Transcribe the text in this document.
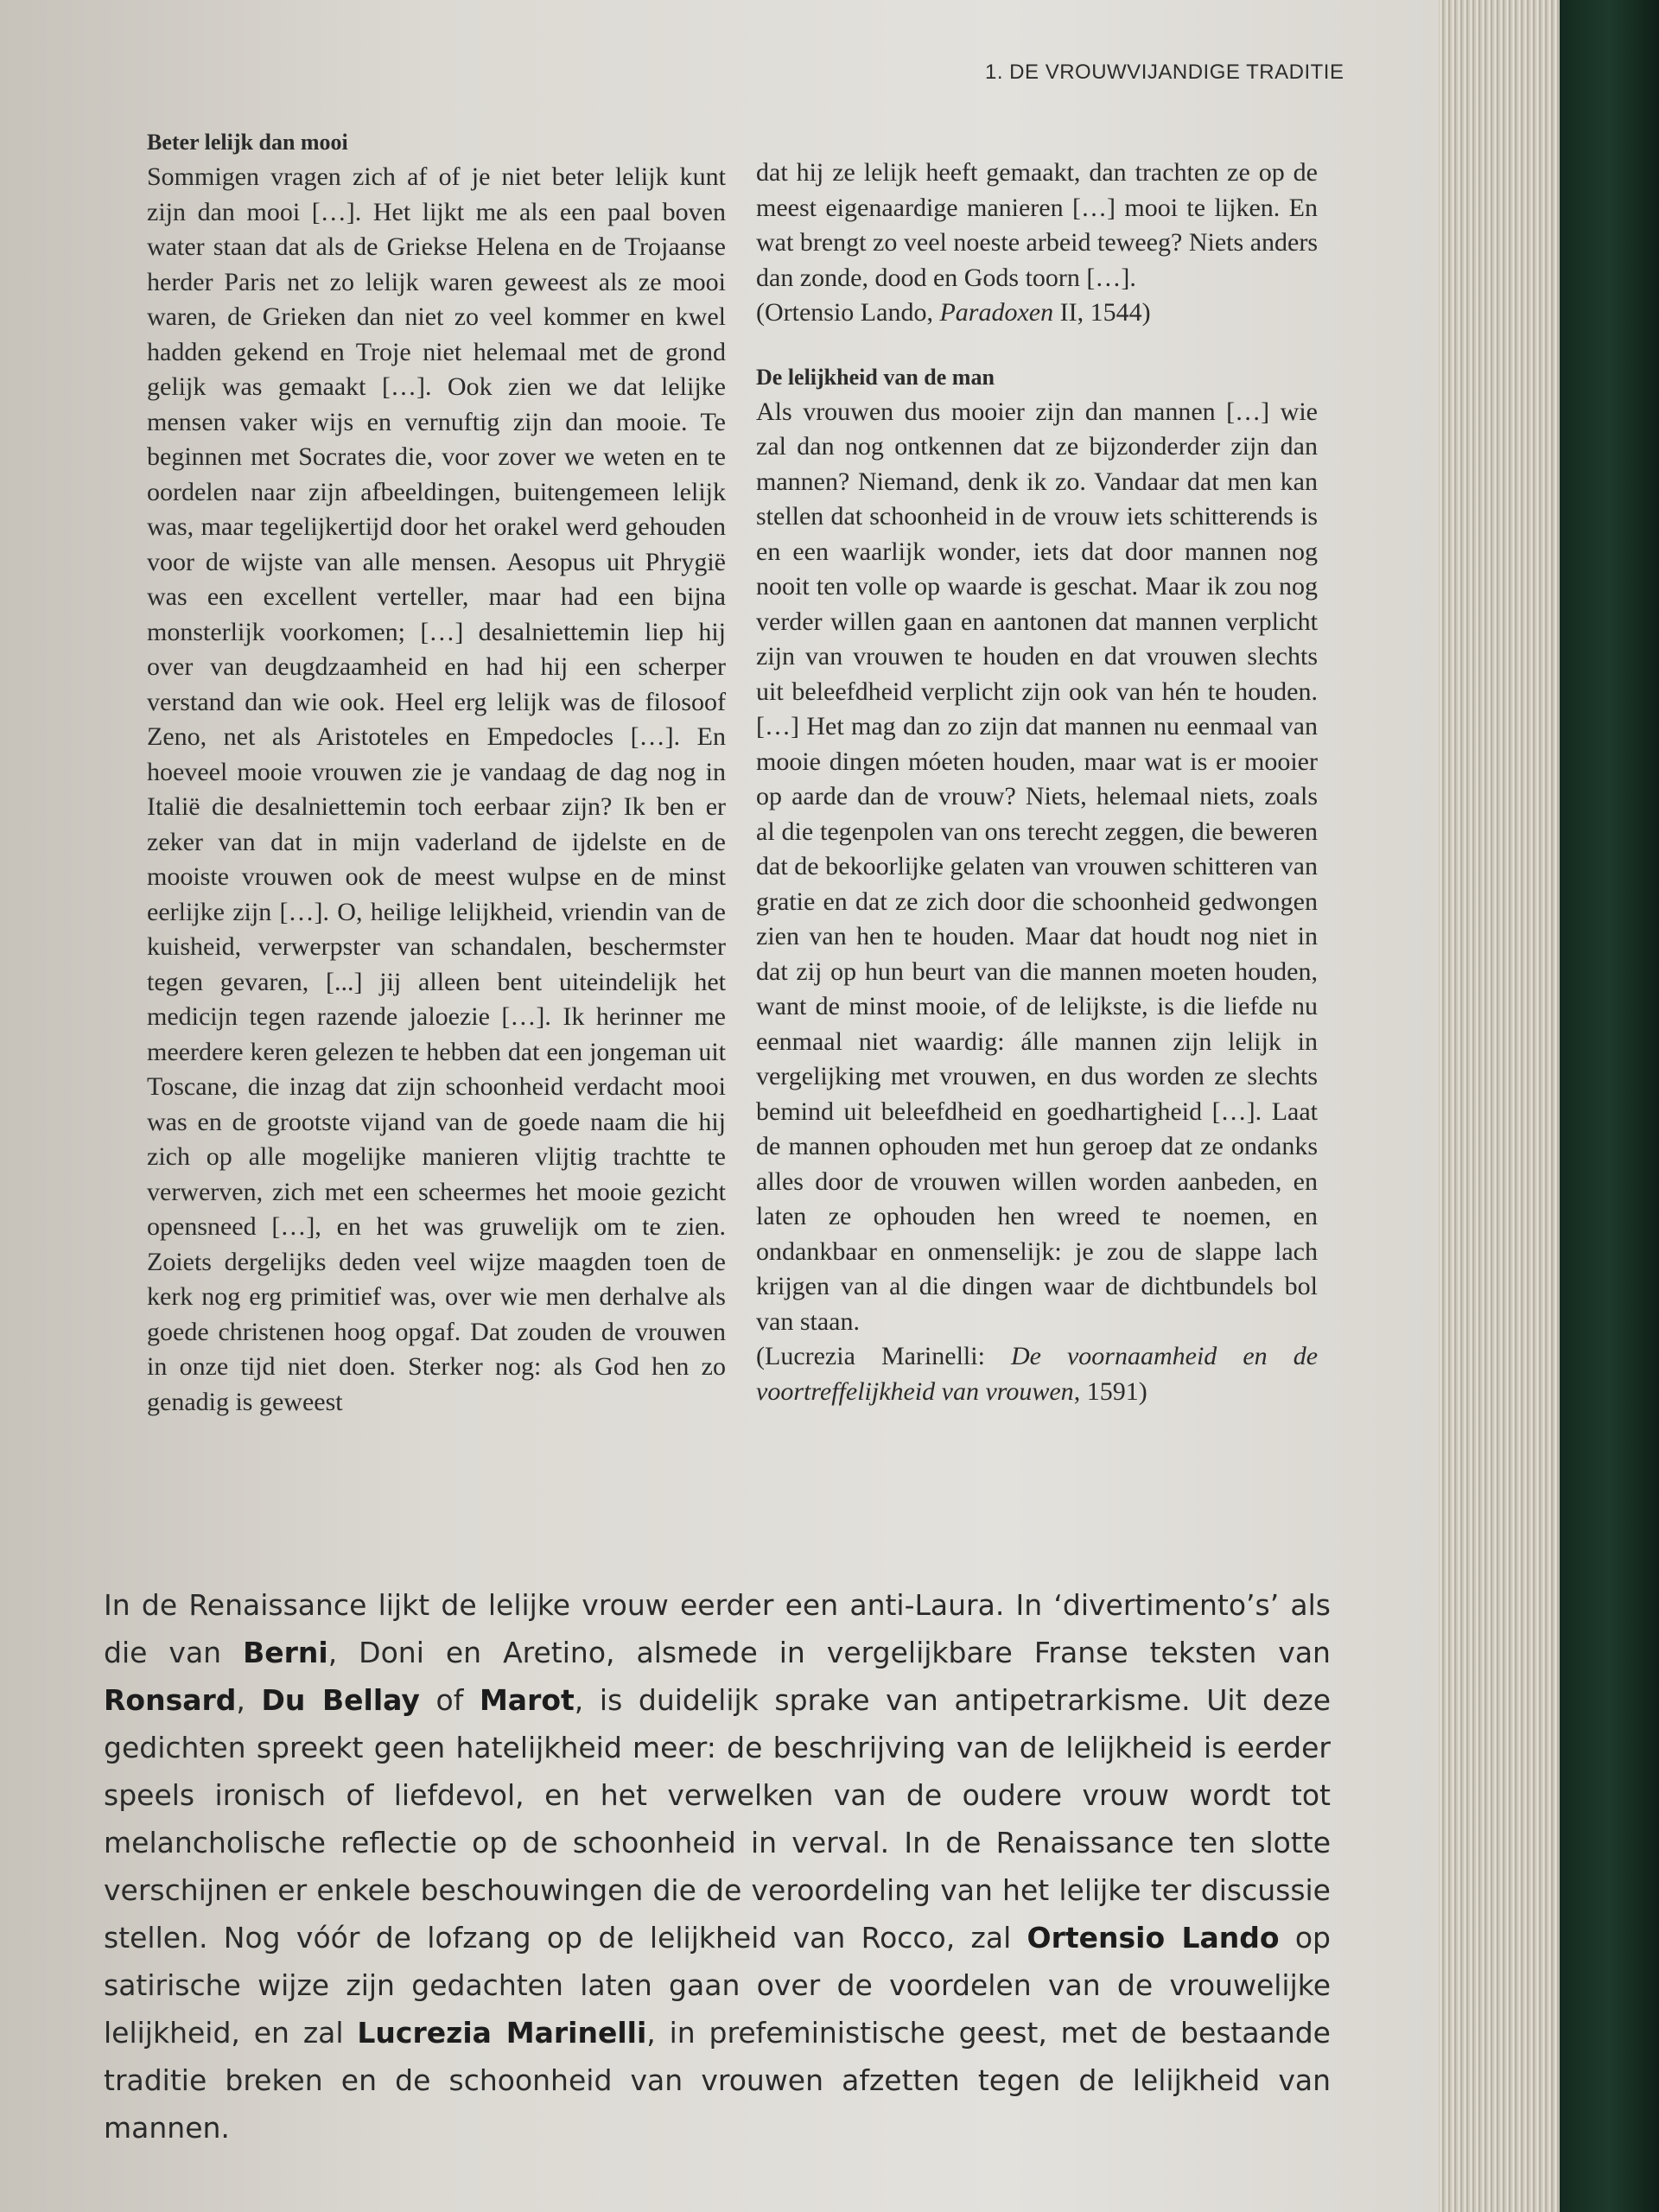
1. DE VROUWVIJANDIGE TRADITIE
Beter lelijk dan mooi

Sommigen vragen zich af of je niet beter lelijk kunt zijn dan mooi […]. Het lijkt me als een paal boven water staan dat als de Griekse Helena en de Trojaanse herder Paris net zo lelijk waren geweest als ze mooi waren, de Grieken dan niet zo veel kommer en kwel hadden gekend en Troje niet helemaal met de grond gelijk was gemaakt […]. Ook zien we dat lelijke mensen vaker wijs en vernuftig zijn dan mooie. Te beginnen met Socrates die, voor zover we weten en te oordelen naar zijn afbeeldingen, buitengemeen lelijk was, maar tegelijkertijd door het orakel werd gehouden voor de wijste van alle mensen. Aesopus uit Phrygië was een excellent verteller, maar had een bijna monsterlijk voorkomen; […] desalniettemin liep hij over van deugdzaamheid en had hij een scherper verstand dan wie ook. Heel erg lelijk was de filosoof Zeno, net als Aristoteles en Empedocles […]. En hoeveel mooie vrouwen zie je vandaag de dag nog in Italië die desalniettemin toch eerbaar zijn? Ik ben er zeker van dat in mijn vaderland de ijdelste en de mooiste vrouwen ook de meest wulpse en de minst eerlijke zijn […]. O, heilige lelijkheid, vriendin van de kuisheid, verwerpster van schandalen, beschermster tegen gevaren, [...] jij alleen bent uiteindelijk het medicijn tegen razende jaloezie […]. Ik herinner me meerdere keren gelezen te hebben dat een jongeman uit Toscane, die inzag dat zijn schoonheid verdacht mooi was en de grootste vijand van de goede naam die hij zich op alle mogelijke manieren vlijtig trachtte te verwerven, zich met een scheermes het mooie gezicht opensneed […], en het was gruwelijk om te zien. Zoiets dergelijks deden veel wijze maagden toen de kerk nog erg primitief was, over wie men derhalve als goede christenen hoog opgaf. Dat zouden de vrouwen in onze tijd niet doen. Sterker nog: als God hen zo genadig is geweest

dat hij ze lelijk heeft gemaakt, dan trachten ze op de meest eigenaardige manieren […] mooi te lijken. En wat brengt zo veel noeste arbeid teweeg? Niets anders dan zonde, dood en Gods toorn […].

(Ortensio Lando, Paradoxen II, 1544)

De lelijkheid van de man

Als vrouwen dus mooier zijn dan mannen […] wie zal dan nog ontkennen dat ze bijzonderder zijn dan mannen? Niemand, denk ik zo. Vandaar dat men kan stellen dat schoonheid in de vrouw iets schitterends is en een waarlijk wonder, iets dat door mannen nog nooit ten volle op waarde is geschat. Maar ik zou nog verder willen gaan en aantonen dat mannen verplicht zijn van vrouwen te houden en dat vrouwen slechts uit beleefdheid verplicht zijn ook van hén te houden. […] Het mag dan zo zijn dat mannen nu eenmaal van mooie dingen móeten houden, maar wat is er mooier op aarde dan de vrouw? Niets, helemaal niets, zoals al die tegenpolen van ons terecht zeggen, die beweren dat de bekoorlijke gelaten van vrouwen schitteren van gratie en dat ze zich door die schoonheid gedwongen zien van hen te houden. Maar dat houdt nog niet in dat zij op hun beurt van die mannen moeten houden, want de minst mooie, of de lelijkste, is die liefde nu eenmaal niet waardig: álle mannen zijn lelijk in vergelijking met vrouwen, en dus worden ze slechts bemind uit beleefdheid en goedhartigheid […]. Laat de mannen ophouden met hun geroep dat ze ondanks alles door de vrouwen willen worden aanbeden, en laten ze ophouden hen wreed te noemen, en ondankbaar en onmenselijk: je zou de slappe lach krijgen van al die dingen waar de dichtbundels bol van staan.

(Lucrezia Marinelli: De voornaamheid en de voortreffelijkheid van vrouwen, 1591)

In de Renaissance lijkt de lelijke vrouw eerder een anti-Laura. In ‘divertimento’s’ als die van Berni, Doni en Aretino, alsmede in vergelijkbare Franse teksten van Ronsard, Du Bellay of Marot, is duidelijk sprake van antipetrarkisme. Uit deze gedichten spreekt geen hatelijkheid meer: de beschrijving van de lelijkheid is eerder speels ironisch of liefdevol, en het verwelken van de oudere vrouw wordt tot melancholische reflectie op de schoonheid in verval. In de Renaissance ten slotte verschijnen er enkele beschouwingen die de veroordeling van het lelijke ter discussie stellen. Nog vóór de lofzang op de lelijkheid van Rocco, zal Ortensio Lando op satirische wijze zijn gedachten laten gaan over de voordelen van de vrouwelijke lelijkheid, en zal Lucrezia Marinelli, in prefeministische geest, met de bestaande traditie breken en de schoonheid van vrouwen afzetten tegen de lelijkheid van mannen.
